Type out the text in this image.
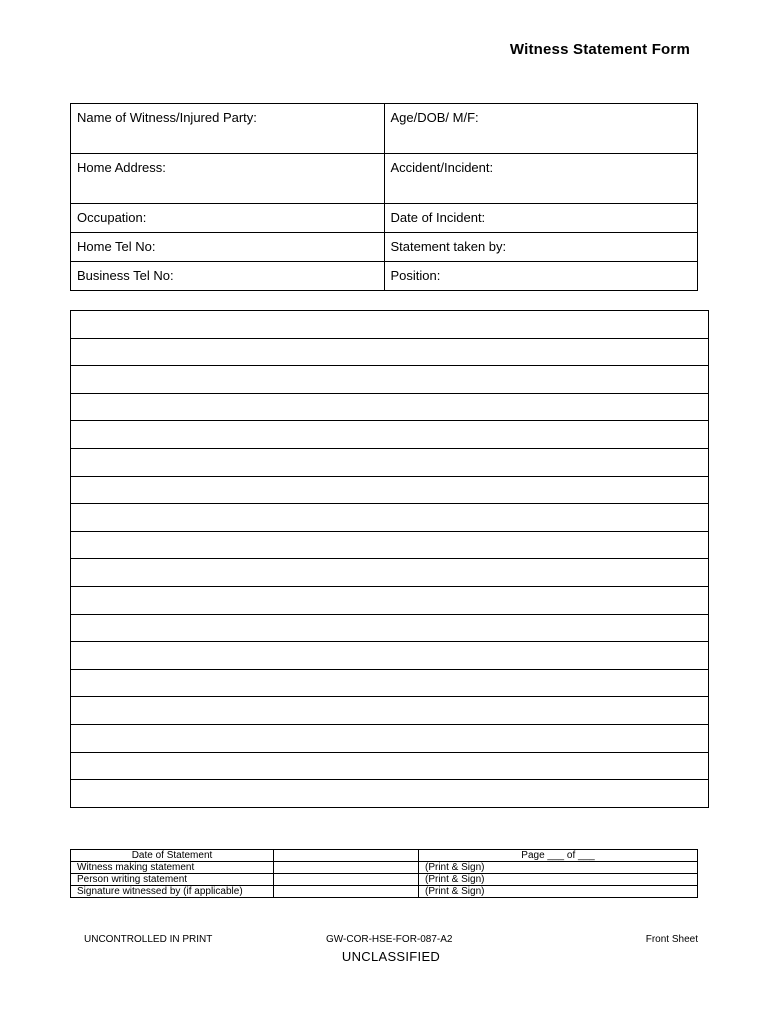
Witness Statement Form
Name of Witness/Injured Party:	Age/DOB/ M/F:
Home Address:	Accident/Incident:
Occupation:	Date of Incident:
Home Tel No:	Statement taken by:
Business Tel No:	Position:

Date of Statement		Page ___ of ___
Witness making statement		(Print & Sign)
Person writing statement		(Print & Sign)
Signature witnessed by (if applicable)		(Print & Sign)
UNCONTROLLED IN PRINT	GW-COR-HSE-FOR-087-A2	Front Sheet
UNCLASSIFIED
